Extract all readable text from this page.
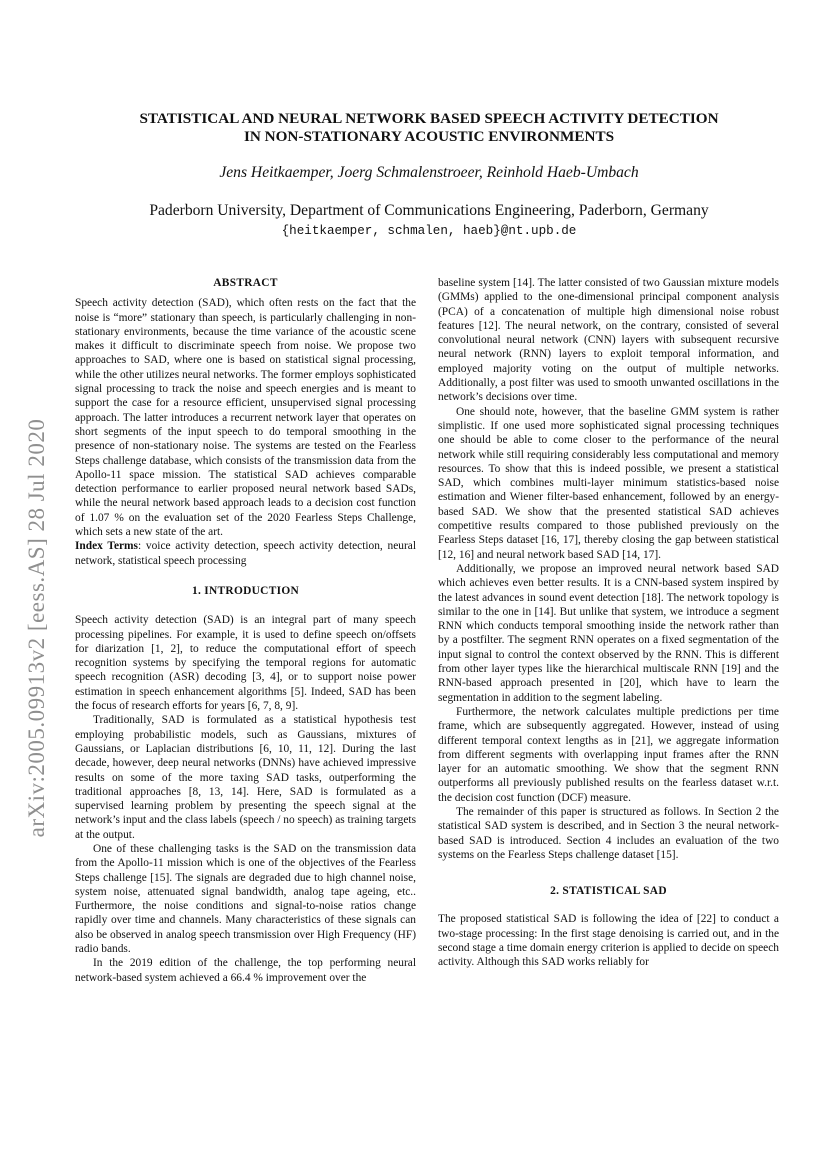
arXiv:2005.09913v2 [eess.AS] 28 Jul 2020
STATISTICAL AND NEURAL NETWORK BASED SPEECH ACTIVITY DETECTION
IN NON-STATIONARY ACOUSTIC ENVIRONMENTS
Jens Heitkaemper, Joerg Schmalenstroeer, Reinhold Haeb-Umbach
Paderborn University, Department of Communications Engineering, Paderborn, Germany
{heitkaemper, schmalen, haeb}@nt.upb.de
ABSTRACT

Speech activity detection (SAD), which often rests on the fact that the noise is “more” stationary than speech, is particularly challenging in non-stationary environments, because the time variance of the acoustic scene makes it difficult to discriminate speech from noise. We propose two approaches to SAD, where one is based on statistical signal processing, while the other utilizes neural networks. The former employs sophisticated signal processing to track the noise and speech energies and is meant to support the case for a resource efficient, unsupervised signal processing approach. The latter introduces a recurrent network layer that operates on short segments of the input speech to do temporal smoothing in the presence of non-stationary noise. The systems are tested on the Fearless Steps challenge database, which consists of the transmission data from the Apollo-11 space mission. The statistical SAD achieves comparable detection performance to earlier proposed neural network based SADs, while the neural network based approach leads to a decision cost function of 1.07 % on the evaluation set of the 2020 Fearless Steps Challenge, which sets a new state of the art.

Index Terms: voice activity detection, speech activity detection, neural network, statistical speech processing

1. INTRODUCTION

Speech activity detection (SAD) is an integral part of many speech processing pipelines. For example, it is used to define speech on/offsets for diarization [1, 2], to reduce the computational effort of speech recognition systems by specifying the temporal regions for automatic speech recognition (ASR) decoding [3, 4], or to support noise power estimation in speech enhancement algorithms [5]. Indeed, SAD has been the focus of research efforts for years [6, 7, 8, 9].

Traditionally, SAD is formulated as a statistical hypothesis test employing probabilistic models, such as Gaussians, mixtures of Gaussians, or Laplacian distributions [6, 10, 11, 12]. During the last decade, however, deep neural networks (DNNs) have achieved impressive results on some of the more taxing SAD tasks, outperforming the traditional approaches [8, 13, 14]. Here, SAD is formulated as a supervised learning problem by presenting the speech signal at the network’s input and the class labels (speech / no speech) as training targets at the output.

One of these challenging tasks is the SAD on the transmission data from the Apollo-11 mission which is one of the objectives of the Fearless Steps challenge [15]. The signals are degraded due to high channel noise, system noise, attenuated signal bandwidth, analog tape ageing, etc.. Furthermore, the noise conditions and signal-to-noise ratios change rapidly over time and channels. Many characteristics of these signals can also be observed in analog speech transmission over High Frequency (HF) radio bands.

In the 2019 edition of the challenge, the top performing neural network-based system achieved a 66.4 % improvement over the

baseline system [14]. The latter consisted of two Gaussian mixture models (GMMs) applied to the one-dimensional principal component analysis (PCA) of a concatenation of multiple high dimensional noise robust features [12]. The neural network, on the contrary, consisted of several convolutional neural network (CNN) layers with subsequent recursive neural network (RNN) layers to exploit temporal information, and employed majority voting on the output of multiple networks. Additionally, a post filter was used to smooth unwanted oscillations in the network’s decisions over time.

One should note, however, that the baseline GMM system is rather simplistic. If one used more sophisticated signal processing techniques one should be able to come closer to the performance of the neural network while still requiring considerably less computational and memory resources. To show that this is indeed possible, we present a statistical SAD, which combines multi-layer minimum statistics-based noise estimation and Wiener filter-based enhancement, followed by an energy-based SAD. We show that the presented statistical SAD achieves competitive results compared to those published previously on the Fearless Steps dataset [16, 17], thereby closing the gap between statistical [12, 16] and neural network based SAD [14, 17].

Additionally, we propose an improved neural network based SAD which achieves even better results. It is a CNN-based system inspired by the latest advances in sound event detection [18]. The network topology is similar to the one in [14]. But unlike that system, we introduce a segment RNN which conducts temporal smoothing inside the network rather than by a postfilter. The segment RNN operates on a fixed segmentation of the input signal to control the context observed by the RNN. This is different from other layer types like the hierarchical multiscale RNN [19] and the RNN-based approach presented in [20], which have to learn the segmentation in addition to the segment labeling.

Furthermore, the network calculates multiple predictions per time frame, which are subsequently aggregated. However, instead of using different temporal context lengths as in [21], we aggregate information from different segments with overlapping input frames after the RNN layer for an automatic smoothing. We show that the segment RNN outperforms all previously published results on the fearless dataset w.r.t. the decision cost function (DCF) measure.

The remainder of this paper is structured as follows. In Section 2 the statistical SAD system is described, and in Section 3 the neural network-based SAD is introduced. Section 4 includes an evaluation of the two systems on the Fearless Steps challenge dataset [15].

2. STATISTICAL SAD

The proposed statistical SAD is following the idea of [22] to conduct a two-stage processing: In the first stage denoising is carried out, and in the second stage a time domain energy criterion is applied to decide on speech activity. Although this SAD works reliably for
